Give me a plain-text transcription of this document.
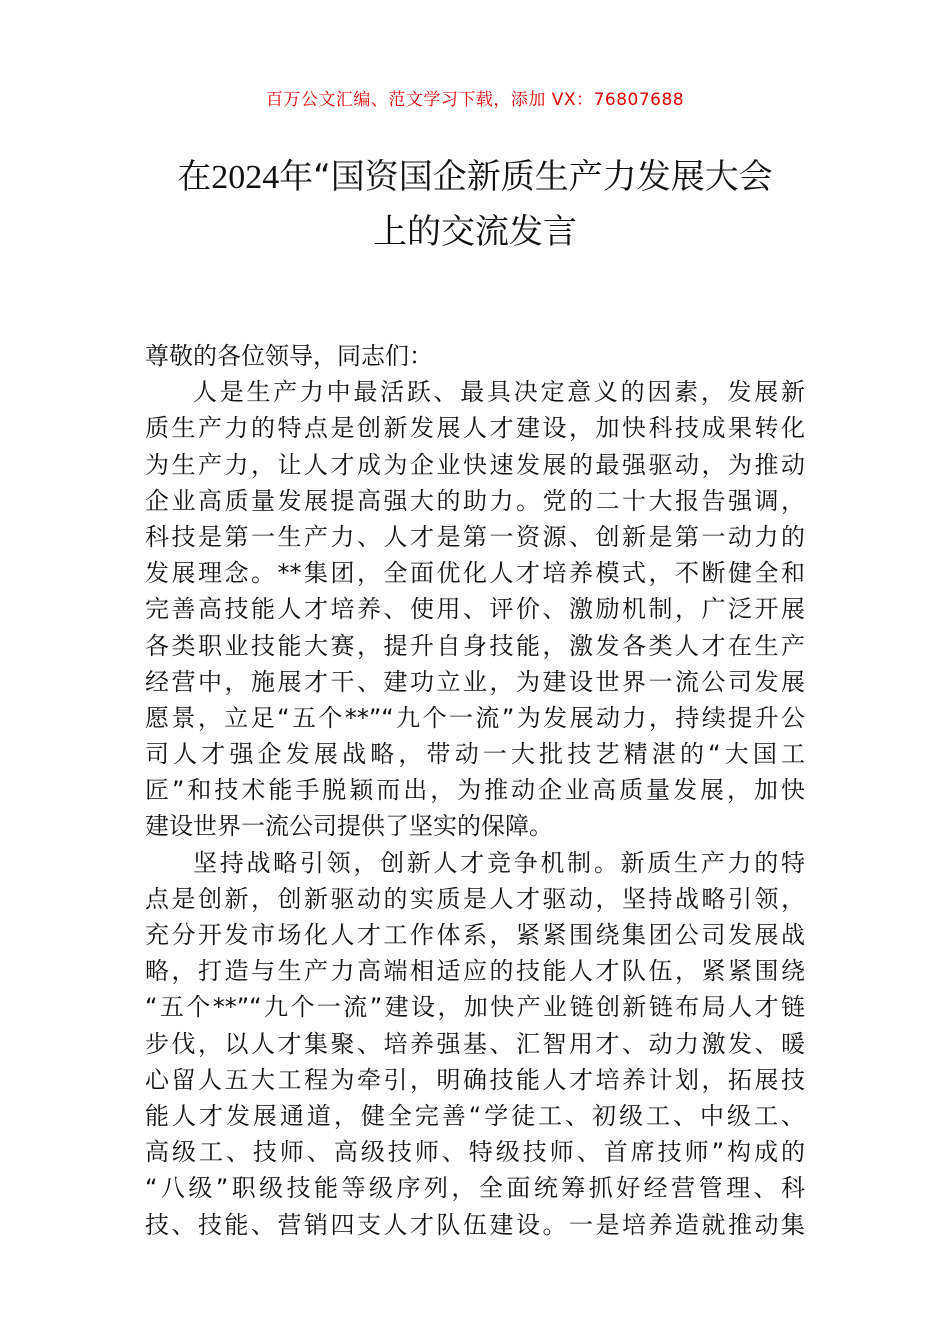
百万公文汇编、范文学习下载，添加 VX：76807688
在2024年“国资国企新质生产力发展大会
上的交流发言
尊敬的各位领导，同志们：
人是生产力中最活跃、最具决定意义的因素，发展新
质生产力的特点是创新发展人才建设，加快科技成果转化
为生产力，让人才成为企业快速发展的最强驱动，为推动
企业高质量发展提高强大的助力。党的二十大报告强调，
科技是第一生产力、人才是第一资源、创新是第一动力的
发展理念。**集团，全面优化人才培养模式，不断健全和
完善高技能人才培养、使用、评价、激励机制，广泛开展
各类职业技能大赛，提升自身技能，激发各类人才在生产
经营中，施展才干、建功立业，为建设世界一流公司发展
愿景，立足“五个**”“九个一流”为发展动力，持续提升公
司人才强企发展战略，带动一大批技艺精湛的“大国工
匠”和技术能手脱颖而出，为推动企业高质量发展，加快
建设世界一流公司提供了坚实的保障。
坚持战略引领，创新人才竞争机制。新质生产力的特
点是创新，创新驱动的实质是人才驱动，坚持战略引领，
充分开发市场化人才工作体系，紧紧围绕集团公司发展战
略，打造与生产力高端相适应的技能人才队伍，紧紧围绕
“五个**”“九个一流”建设，加快产业链创新链布局人才链
步伐，以人才集聚、培养强基、汇智用才、动力激发、暖
心留人五大工程为牵引，明确技能人才培养计划，拓展技
能人才发展通道，健全完善“学徒工、初级工、中级工、
高级工、技师、高级技师、特级技师、首席技师”构成的
“八级”职级技能等级序列，全面统筹抓好经营管理、科
技、技能、营销四支人才队伍建设。一是培养造就推动集
